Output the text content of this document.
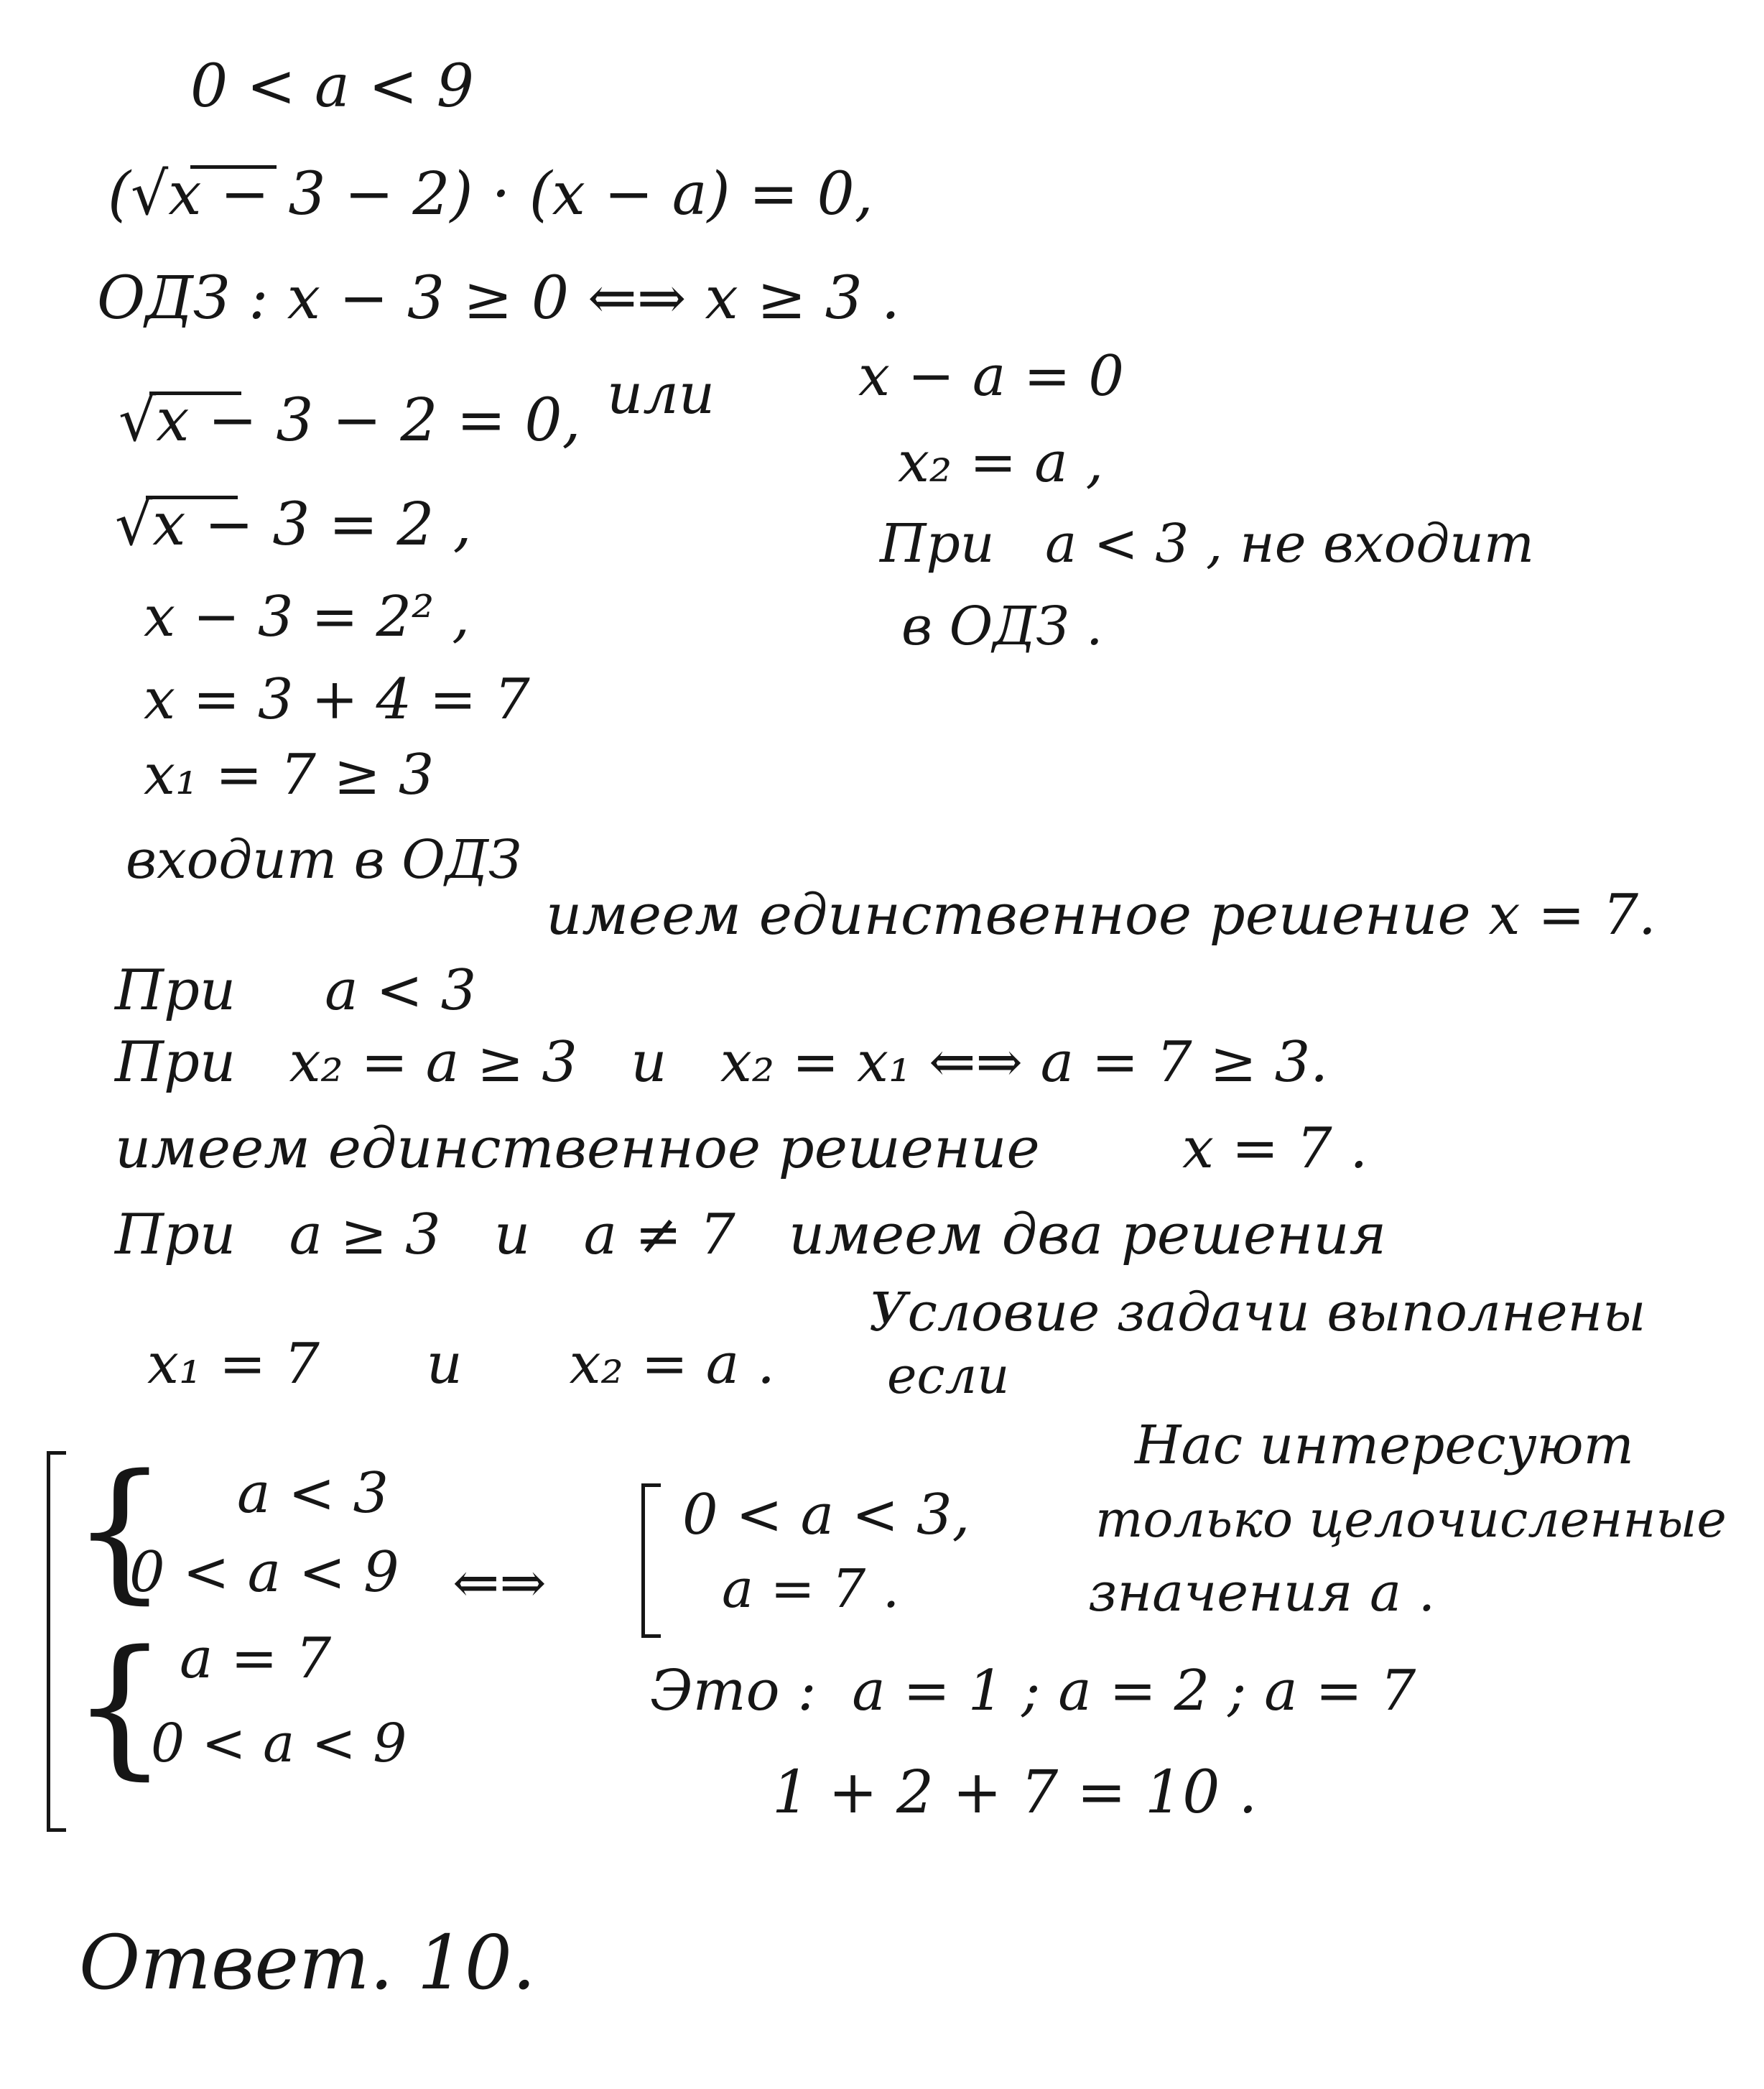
0 < a < 9
(√x − 3 − 2) · (x − a) = 0,
ОДЗ : x − 3 ≥ 0 ⇐⇒ x ≥ 3 .
√x − 3 − 2 = 0, или	x − a = 0
√x − 3 = 2 ,
x₂ = a ,
x − 3 = 2² ,
При   a < 3 , не входит
x = 3 + 4 = 7
в ОДЗ .
x₁ = 7 ≥ 3
входит в ОДЗ
имеем единственное решение x = 7.
При     a < 3
При   x₂ = a ≥ 3   и   x₂ = x₁ ⇐⇒ a = 7 ≥ 3.
имеем единственное решение        x = 7 .
При   a ≥ 3   и   a ≠ 7   имеем два решения
x₁ = 7      и      x₂ = a .
Условие задачи выполнены
если
{ a < 3
0 < a < 9
{ a = 7
0 < a < 9
⇐⇒
0 < a < 3,
a = 7 .
Нас интересуют
только целочисленные
значения a .
Это :  a = 1 ; a = 2 ; a = 7
1 + 2 + 7 = 10 .
Ответ. 10.
